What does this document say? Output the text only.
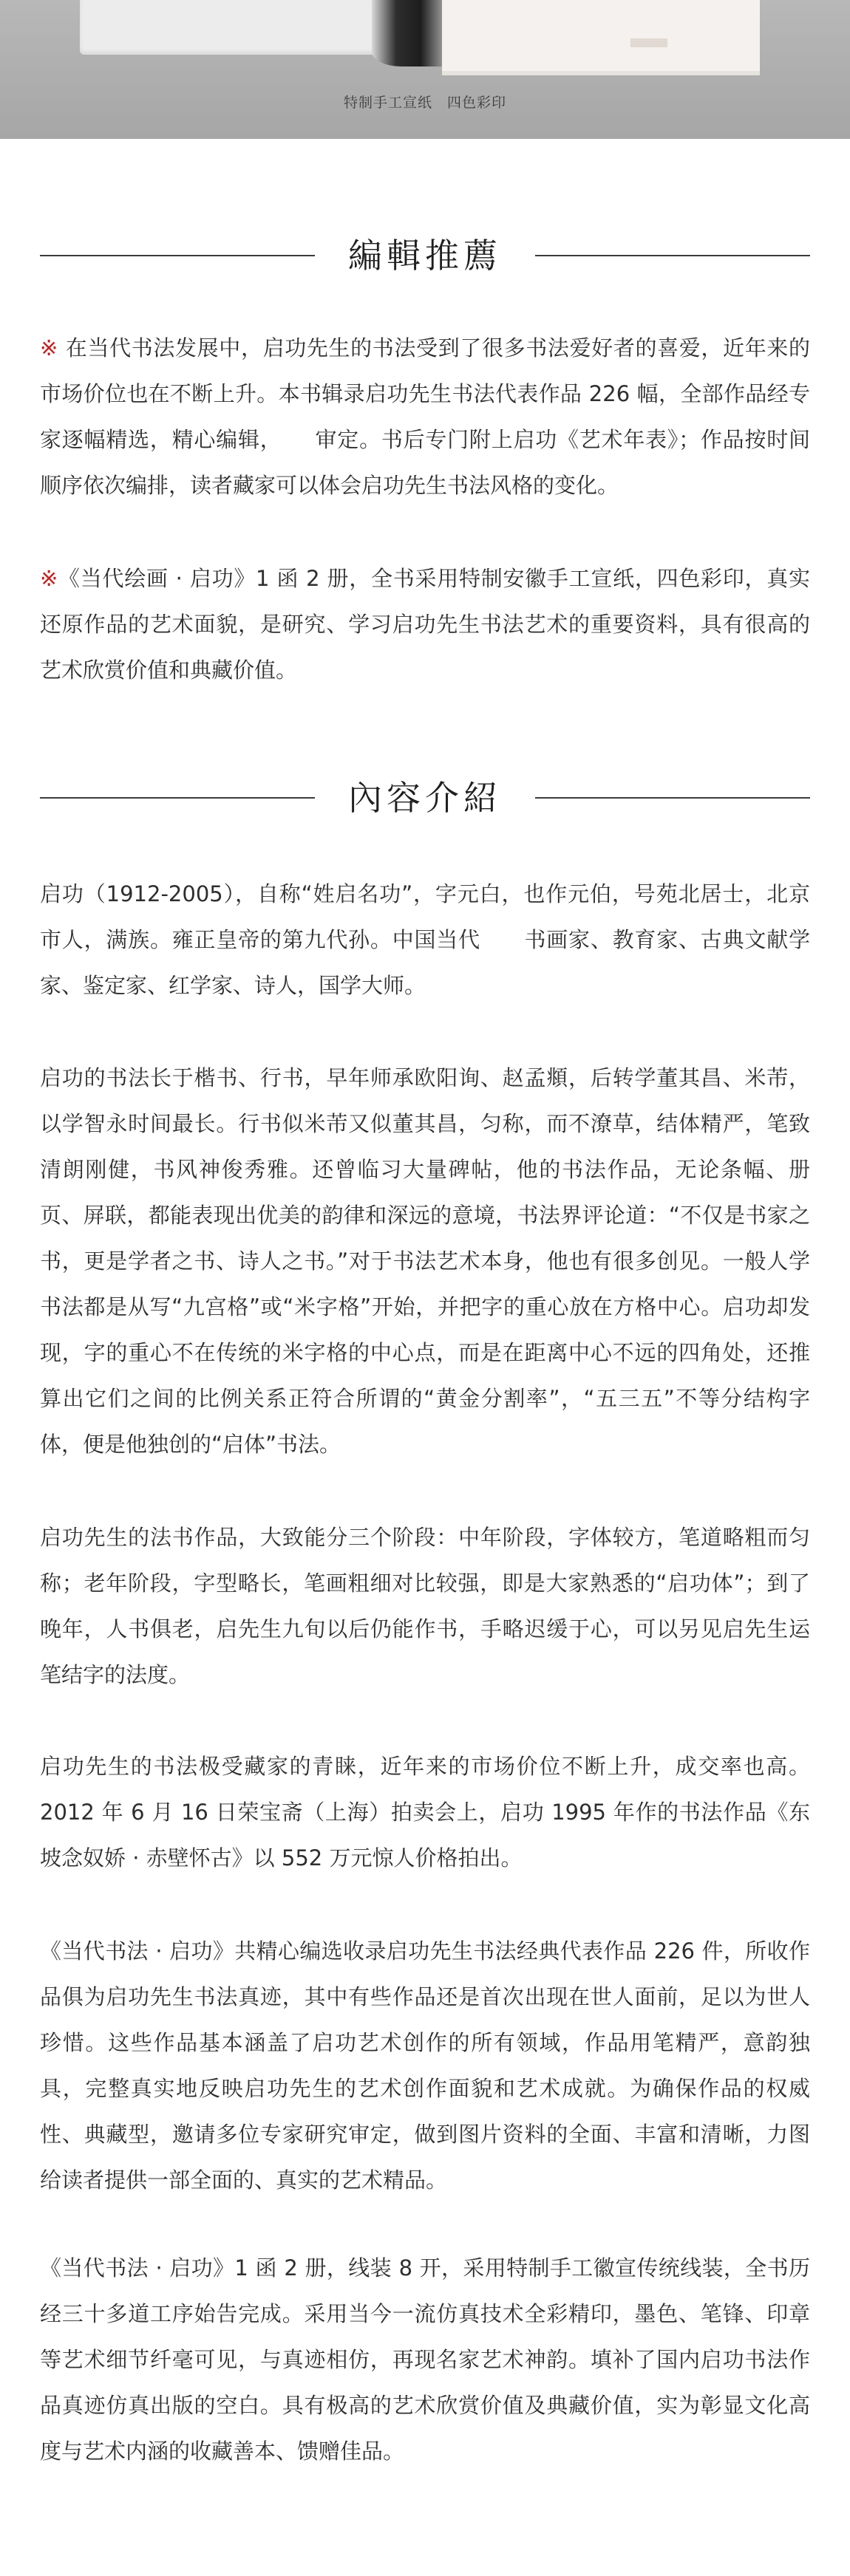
特制手工宣纸　四色彩印
編輯推薦
※ 在当代书法发展中，启功先生的书法受到了很多书法爱好者的喜爱，近年来的市场价位也在不断上升。本书辑录启功先生书法代表作品 226 幅，全部作品经专家逐幅精选，精心编辑，　　审定。书后专门附上启功《艺术年表》；作品按时间顺序依次编排，读者藏家可以体会启功先生书法风格的变化。
※《当代绘画 · 启功》1 函 2 册，全书采用特制安徽手工宣纸，四色彩印，真实还原作品的艺术面貌，是研究、学习启功先生书法艺术的重要资料，具有很高的艺术欣赏价值和典藏价值。
內容介紹
启功（1912-2005），自称“姓启名功”，字元白，也作元伯，号苑北居士，北京市人，满族。雍正皇帝的第九代孙。中国当代　　书画家、教育家、古典文献学家、鉴定家、红学家、诗人，国学大师。
启功的书法长于楷书、行书，早年师承欧阳询、赵孟頫，后转学董其昌、米芾，以学智永时间最长。行书似米芾又似董其昌，匀称，而不潦草，结体精严，笔致清朗刚健，书风神俊秀雅。还曾临习大量碑帖，他的书法作品，无论条幅、册页、屏联，都能表现出优美的韵律和深远的意境，书法界评论道：“不仅是书家之书，更是学者之书、诗人之书。”对于书法艺术本身，他也有很多创见。一般人学书法都是从写“九宫格”或“米字格”开始，并把字的重心放在方格中心。启功却发现，字的重心不在传统的米字格的中心点，而是在距离中心不远的四角处，还推算出它们之间的比例关系正符合所谓的“黄金分割率”，“五三五”不等分结构字体，便是他独创的“启体”书法。
启功先生的法书作品，大致能分三个阶段：中年阶段，字体较方，笔道略粗而匀称；老年阶段，字型略长，笔画粗细对比较强，即是大家熟悉的“启功体”；到了晚年，人书俱老，启先生九旬以后仍能作书，手略迟缓于心，可以另见启先生运笔结字的法度。
启功先生的书法极受藏家的青睐，近年来的市场价位不断上升，成交率也高。2012 年 6 月 16 日荣宝斋（上海）拍卖会上，启功 1995 年作的书法作品《东坡念奴娇 · 赤壁怀古》以 552 万元惊人价格拍出。
《当代书法 · 启功》共精心编选收录启功先生书法经典代表作品 226 件，所收作品俱为启功先生书法真迹，其中有些作品还是首次出现在世人面前，足以为世人珍惜。这些作品基本涵盖了启功艺术创作的所有领域，作品用笔精严，意韵独具，完整真实地反映启功先生的艺术创作面貌和艺术成就。为确保作品的权威性、典藏型，邀请多位专家研究审定，做到图片资料的全面、丰富和清晰，力图给读者提供一部全面的、真实的艺术精品。
《当代书法 · 启功》1 函 2 册，线装 8 开，采用特制手工徽宣传统线装，全书历经三十多道工序始告完成。采用当今一流仿真技术全彩精印，墨色、笔锋、印章等艺术细节纤毫可见，与真迹相仿，再现名家艺术神韵。填补了国内启功书法作品真迹仿真出版的空白。具有极高的艺术欣赏价值及典藏价值，实为彰显文化高度与艺术内涵的收藏善本、馈赠佳品。
